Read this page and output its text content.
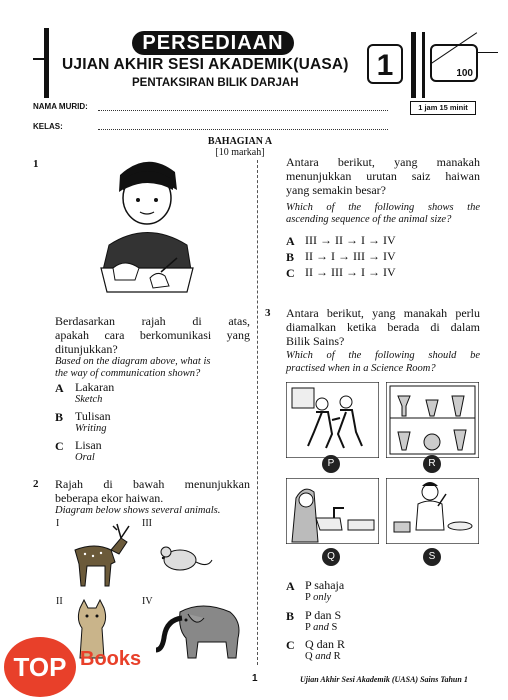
PERSEDIAAN
UJIAN AKHIR SESI AKADEMIK(UASA)
PENTAKSIRAN BILIK DARJAH
1	100
NAMA MURID:
KELAS:
1 jam 15 minit
BAHAGIAN A
[10 markah]
1
Berdasarkan rajah di atas,
apakah cara berkomunikasi yang
ditunjukkan?
Based on the diagram above, what is
the way of communication shown?
A Lakaran
Sketch
B Tulisan
Writing
C Lisan
Oral
2 Rajah di bawah menunjukkan
beberapa ekor haiwan.
Diagram below shows several animals.
I	III
II	IV
Antara berikut, yang manakah
menunjukkan urutan saiz haiwan
yang semakin besar?
Which of the following shows the
ascending sequence of the animal size?
A III → II → I → IV
B II → I → III → IV
C II → III → I → IV
3 Antara berikut, yang manakah perlu
diamalkan ketika berada di dalam
Bilik Sains?
Which of the following should be
practised when in a Science Room?
P	R
Q	S
A P sahaja
P only
B P dan S
P and S
C Q dan R
Q and R
1	Ujian Akhir Sesi Akademik (UASA) Sains Tahun 1
TOP Books
